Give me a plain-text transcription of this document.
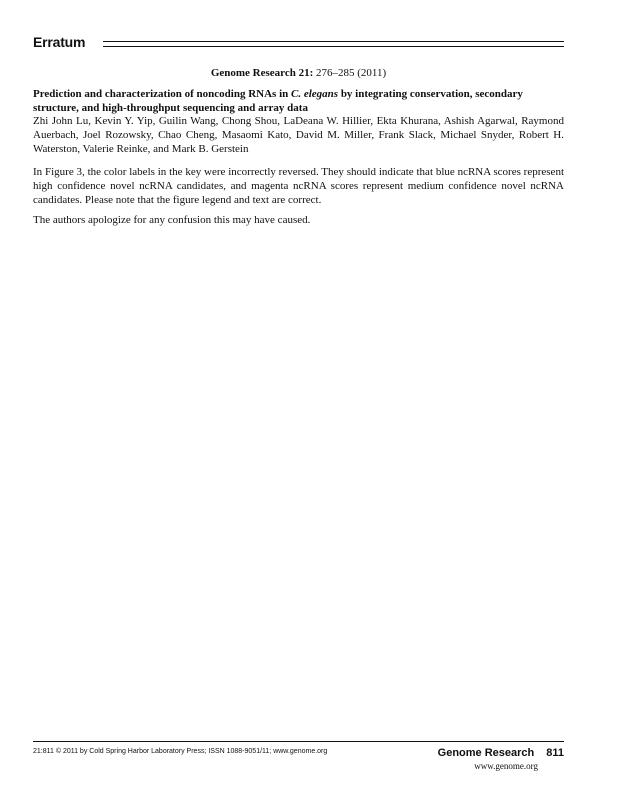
Erratum
Genome Research 21: 276–285 (2011)
Prediction and characterization of noncoding RNAs in C. elegans by integrating conservation, secondary structure, and high-throughput sequencing and array data
Zhi John Lu, Kevin Y. Yip, Guilin Wang, Chong Shou, LaDeana W. Hillier, Ekta Khurana, Ashish Agarwal, Raymond Auerbach, Joel Rozowsky, Chao Cheng, Masaomi Kato, David M. Miller, Frank Slack, Michael Snyder, Robert H. Waterston, Valerie Reinke, and Mark B. Gerstein
In Figure 3, the color labels in the key were incorrectly reversed. They should indicate that blue ncRNA scores represent high confidence novel ncRNA candidates, and magenta ncRNA scores represent medium confidence novel ncRNA candidates. Please note that the figure legend and text are correct.
The authors apologize for any confusion this may have caused.
21:811 © 2011 by Cold Spring Harbor Laboratory Press; ISSN 1088-9051/11; www.genome.org	Genome Research 811
www.genome.org
